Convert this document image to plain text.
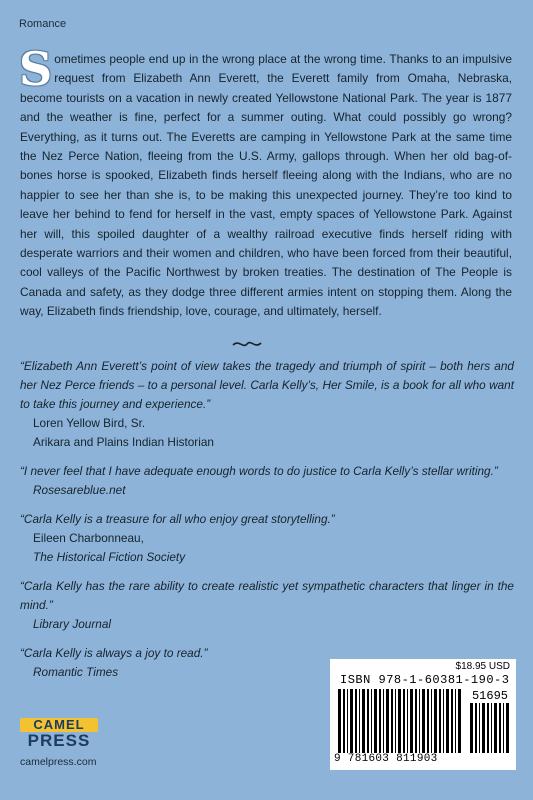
Romance
Sometimes people end up in the wrong place at the wrong time. Thanks to an impulsive request from Elizabeth Ann Everett, the Everett family from Omaha, Nebraska, become tourists on a vacation in newly created Yellowstone National Park. The year is 1877 and the weather is fine, perfect for a summer outing. What could possibly go wrong? Everything, as it turns out. The Everetts are camping in Yellowstone Park at the same time the Nez Perce Nation, fleeing from the U.S. Army, gallops through. When her old bag-of-bones horse is spooked, Elizabeth finds herself fleeing along with the Indians, who are no happier to see her than she is, to be making this unexpected journey. They’re too kind to leave her behind to fend for herself in the vast, empty spaces of Yellowstone Park. Against her will, this spoiled daughter of a wealthy railroad executive finds herself riding with desperate warriors and their women and children, who have been forced from their beautiful, cool valleys of the Pacific Northwest by broken treaties. The destination of The People is Canada and safety, as they dodge three different armies intent on stopping them. Along the way, Elizabeth finds friendship, love, courage, and ultimately, herself.
“Elizabeth Ann Everett’s point of view takes the tragedy and triumph of spirit – both hers and her Nez Perce friends – to a personal level. Carla Kelly’s, Her Smile, is a book for all who want to take this journey and experience.”
Loren Yellow Bird, Sr.
Arikara and Plains Indian Historian
“I never feel that I have adequate enough words to do justice to Carla Kelly’s stellar writing.”
Rosesareblue.net
“Carla Kelly is a treasure for all who enjoy great storytelling.”
Eileen Charbonneau,
The Historical Fiction Society
“Carla Kelly has the rare ability to create realistic yet sympathetic characters that linger in the mind.”
Library Journal
“Carla Kelly is always a joy to read.”
Romantic Times
CAMEL
PRESS
camelpress.com
$18.95 USD
ISBN 978-1-60381-190-3
51695
9 781603 811903
